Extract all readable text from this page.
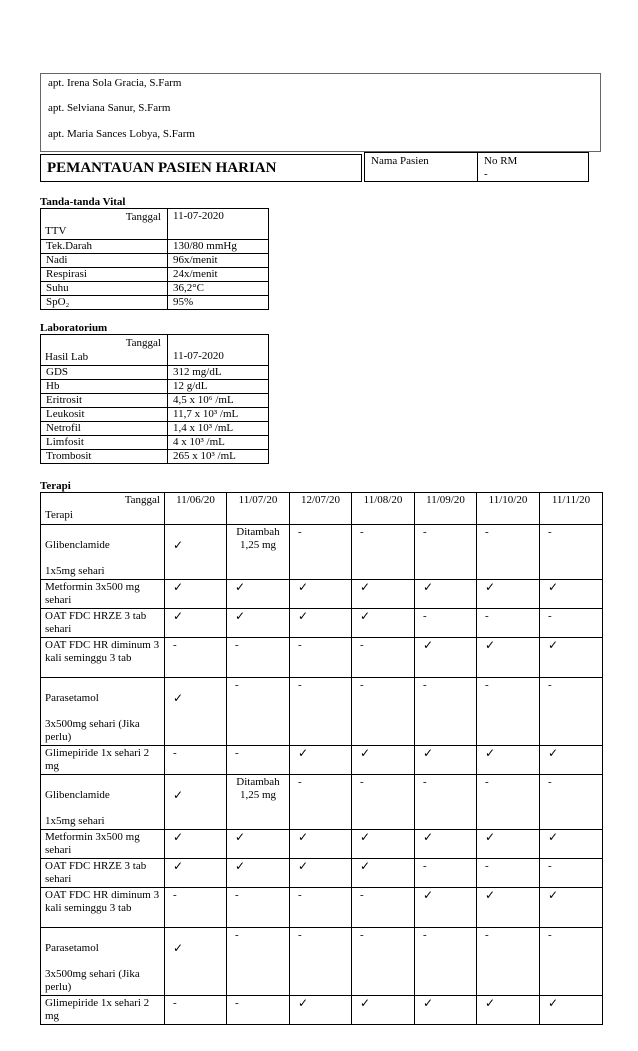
apt. Irena Sola Gracia, S.Farm
apt. Selviana Sanur, S.Farm
apt. Maria Sances Lobya, S.Farm
PEMANTAUAN PASIEN HARIAN	Nama Pasien	No RM
-
Tanda-tanda Vital
Tanggal
TTV	11-07-2020
Tek.Darah	130/80 mmHg
Nadi	96x/menit
Respirasi	24x/menit
Suhu	36,2°C
SpO₂	95%
Laboratorium
Tanggal
Hasil Lab	11-07-2020
GDS	312 mg/dL
Hb	12 g/dL
Eritrosit	4,5 x 10⁶ /mL
Leukosit	11,7 x 10³ /mL
Netrofil	1,4 x 10³ /mL
Limfosit	4 x 10³ /mL
Trombosit	265 x 10³ /mL
Terapi
Tanggal
Terapi	11/06/20	11/07/20	12/07/20	11/08/20	11/09/20	11/10/20	11/11/20

Glibenclamide
1x5mg sehari	✓	Ditambah 1,25 mg	-	-	-	-	-

Metformin 3x500 mg sehari	✓	✓	✓	✓	✓	✓	✓

OAT FDC HRZE 3 tab sehari	✓	✓	✓	✓	-	-	-

OAT FDC HR diminum 3 kali seminggu 3 tab	-	-	-	-	✓	✓	✓

Parasetamol
3x500mg sehari (Jika perlu)	✓	-	-	-	-	-	-

Glimepiride 1x sehari 2 mg	-	-	✓	✓	✓	✓	✓

Glibenclamide
1x5mg sehari	✓	Ditambah 1,25 mg	-	-	-	-	-

Metformin 3x500 mg sehari	✓	✓	✓	✓	✓	✓	✓

OAT FDC HRZE 3 tab sehari	✓	✓	✓	✓	-	-	-

OAT FDC HR diminum 3 kali seminggu 3 tab	-	-	-	-	✓	✓	✓

Parasetamol
3x500mg sehari (Jika perlu)	✓	-	-	-	-	-	-

Glimepiride 1x sehari 2 mg	-	-	✓	✓	✓	✓	✓
